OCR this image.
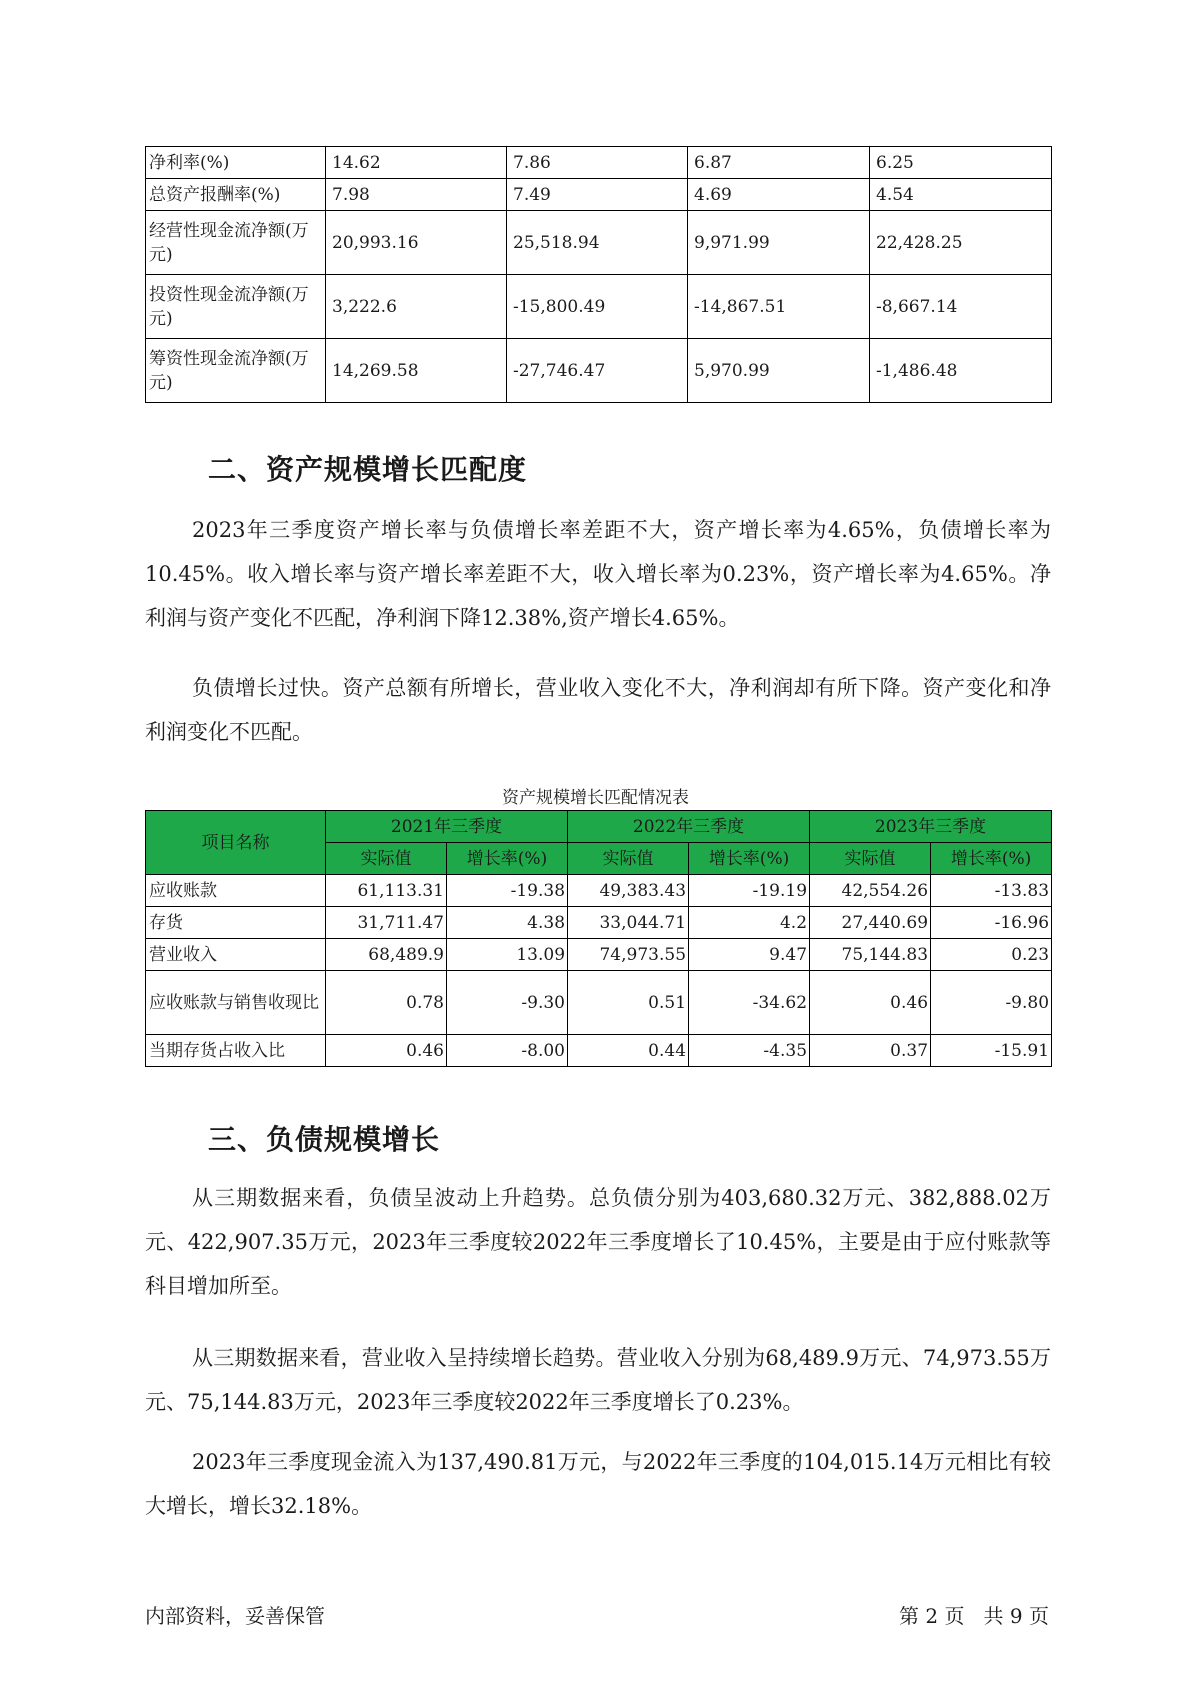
净利率(%)	14.62	7.86	6.87	6.25
总资产报酬率(%)	7.98	7.49	4.69	4.54
经营性现金流净额(万元)	20,993.16	25,518.94	9,971.99	22,428.25
投资性现金流净额(万元)	3,222.6	-15,800.49	-14,867.51	-8,667.14
筹资性现金流净额(万元)	14,269.58	-27,746.47	5,970.99	-1,486.48
二、资产规模增长匹配度
2023年三季度资产增长率与负债增长率差距不大，资产增长率为4.65%，负债增长率为10.45%。收入增长率与资产增长率差距不大，收入增长率为0.23%，资产增长率为4.65%。净利润与资产变化不匹配，净利润下降12.38%,资产增长4.65%。
负债增长过快。资产总额有所增长，营业收入变化不大，净利润却有所下降。资产变化和净利润变化不匹配。
资产规模增长匹配情况表
项目名称	2021年三季度		2022年三季度		2023年三季度	
	实际值	增长率(%)	实际值	增长率(%)	实际值	增长率(%)
应收账款	61,113.31	-19.38	49,383.43	-19.19	42,554.26	-13.83
存货	31,711.47	4.38	33,044.71	4.2	27,440.69	-16.96
营业收入	68,489.9	13.09	74,973.55	9.47	75,144.83	0.23
应收账款与销售收现比	0.78	-9.30	0.51	-34.62	0.46	-9.80
当期存货占收入比	0.46	-8.00	0.44	-4.35	0.37	-15.91
三、负债规模增长
从三期数据来看，负债呈波动上升趋势。总负债分别为403,680.32万元、382,888.02万元、422,907.35万元，2023年三季度较2022年三季度增长了10.45%，主要是由于应付账款等科目增加所至。
从三期数据来看，营业收入呈持续增长趋势。营业收入分别为68,489.9万元、74,973.55万元、75,144.83万元，2023年三季度较2022年三季度增长了0.23%。
2023年三季度现金流入为137,490.81万元，与2022年三季度的104,015.14万元相比有较大增长，增长32.18%。
内部资料，妥善保管	第 2 页   共 9 页
